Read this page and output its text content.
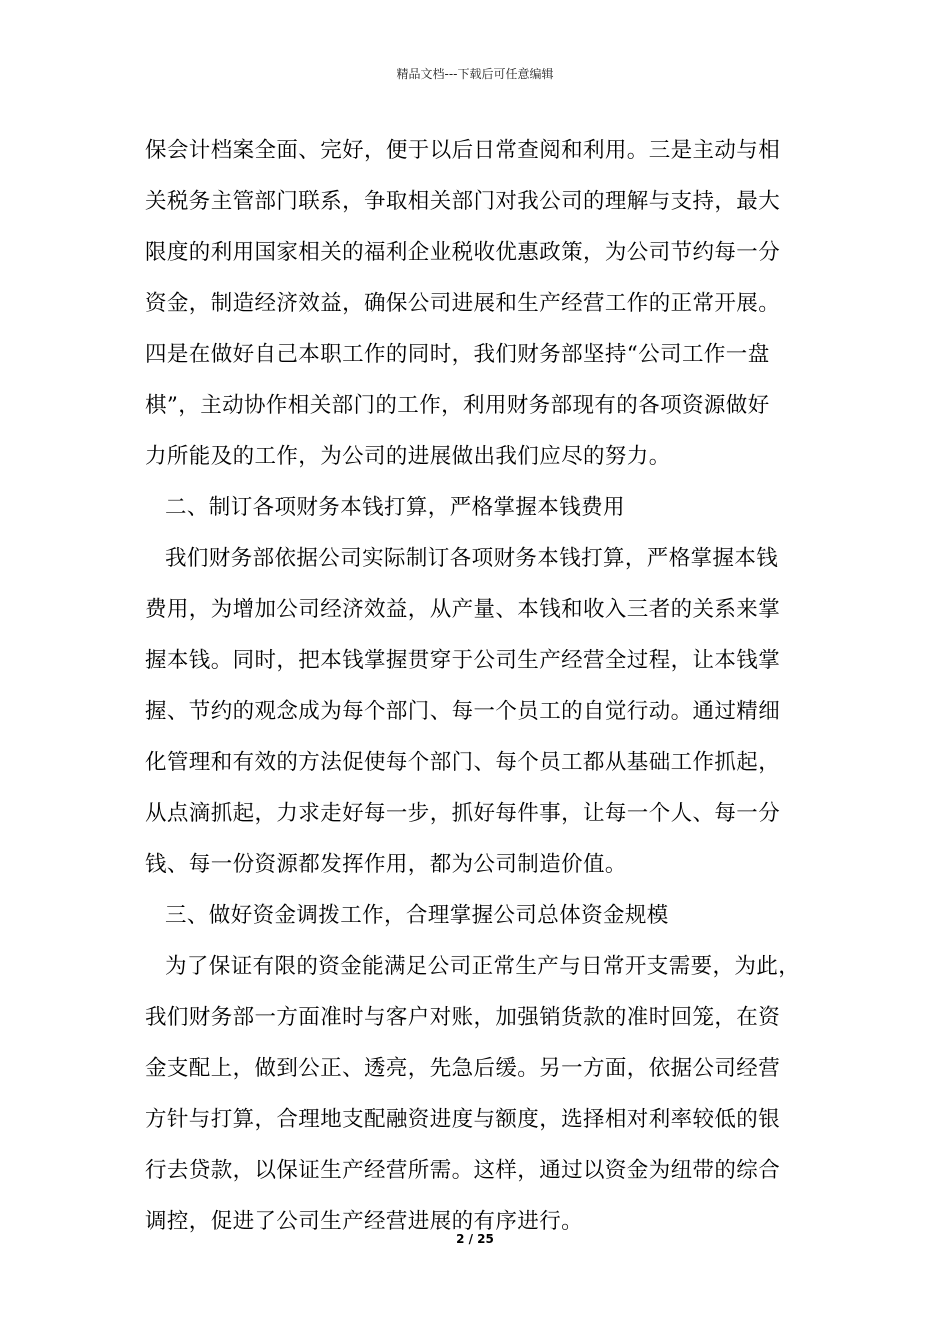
精品文档---下载后可任意编辑
保会计档案全面、完好，便于以后日常查阅和利用。三是主动与相
关税务主管部门联系，争取相关部门对我公司的理解与支持，最大
限度的利用国家相关的福利企业税收优惠政策，为公司节约每一分
资金，制造经济效益，确保公司进展和生产经营工作的正常开展。
四是在做好自己本职工作的同时，我们财务部坚持“公司工作一盘
棋”，主动协作相关部门的工作，利用财务部现有的各项资源做好
力所能及的工作，为公司的进展做出我们应尽的努力。
二、制订各项财务本钱打算，严格掌握本钱费用
我们财务部依据公司实际制订各项财务本钱打算，严格掌握本钱
费用，为增加公司经济效益，从产量、本钱和收入三者的关系来掌
握本钱。同时，把本钱掌握贯穿于公司生产经营全过程，让本钱掌
握、节约的观念成为每个部门、每一个员工的自觉行动。通过精细
化管理和有效的方法促使每个部门、每个员工都从基础工作抓起，
从点滴抓起，力求走好每一步，抓好每件事，让每一个人、每一分
钱、每一份资源都发挥作用，都为公司制造价值。
三、做好资金调拨工作，合理掌握公司总体资金规模
为了保证有限的资金能满足公司正常生产与日常开支需要，为此，
我们财务部一方面准时与客户对账，加强销货款的准时回笼，在资
金支配上，做到公正、透亮，先急后缓。另一方面，依据公司经营
方针与打算，合理地支配融资进度与额度，选择相对利率较低的银
行去贷款，以保证生产经营所需。这样，通过以资金为纽带的综合
调控，促进了公司生产经营进展的有序进行。
2 / 25
